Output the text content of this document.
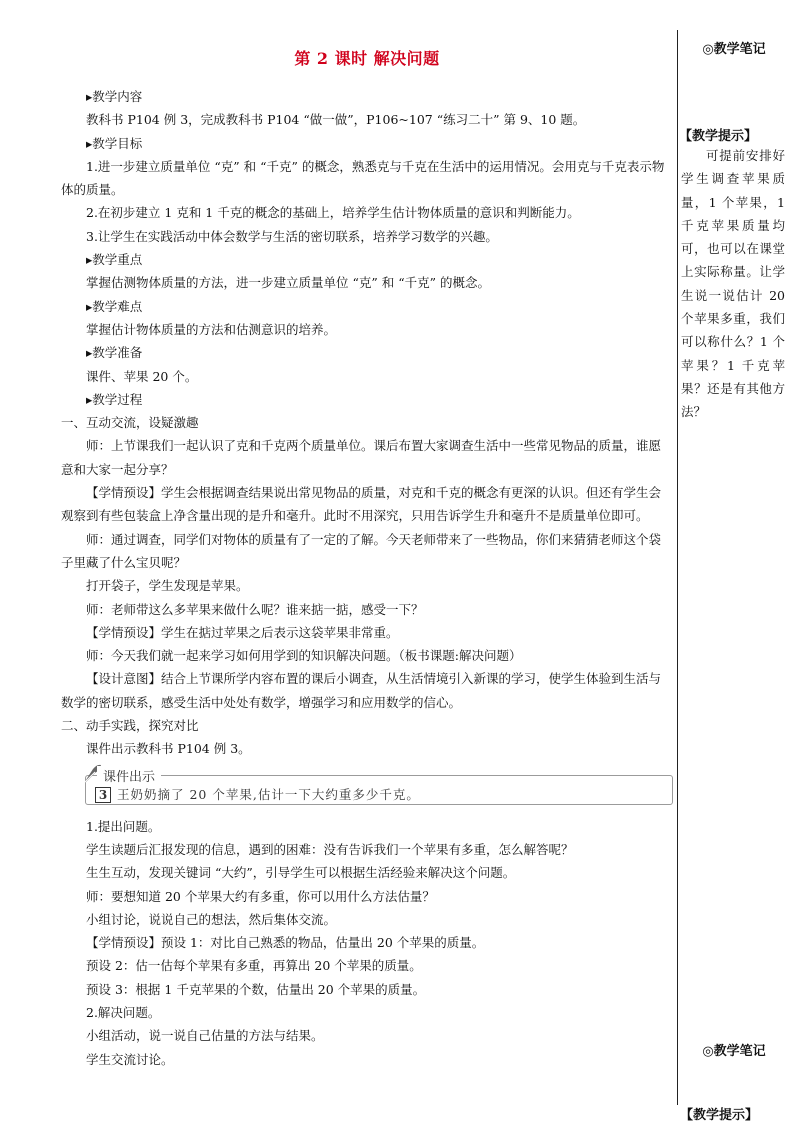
第 2 课时 解决问题
▸教学内容
教科书 P104 例 3，完成教科书 P104 “做一做”，P106~107 “练习二十” 第 9、10 题。
▸教学目标
1.进一步建立质量单位 “克” 和 “千克” 的概念，熟悉克与千克在生活中的运用情况。会用克与千克表示物体的质量。
2.在初步建立 1 克和 1 千克的概念的基础上，培养学生估计物体质量的意识和判断能力。
3.让学生在实践活动中体会数学与生活的密切联系，培养学习数学的兴趣。
▸教学重点
掌握估测物体质量的方法，进一步建立质量单位 “克” 和 “千克” 的概念。
▸教学难点
掌握估计物体质量的方法和估测意识的培养。
▸教学准备
课件、苹果 20 个。
▸教学过程
一、互动交流，设疑激趣
师：上节课我们一起认识了克和千克两个质量单位。课后布置大家调查生活中一些常见物品的质量，谁愿意和大家一起分享？
【学情预设】学生会根据调查结果说出常见物品的质量，对克和千克的概念有更深的认识。但还有学生会观察到有些包装盒上净含量出现的是升和毫升。此时不用深究，只用告诉学生升和毫升不是质量单位即可。
师：通过调查，同学们对物体的质量有了一定的了解。今天老师带来了一些物品，你们来猜猜老师这个袋子里藏了什么宝贝呢？
打开袋子，学生发现是苹果。
师：老师带这么多苹果来做什么呢？谁来掂一掂，感受一下？
【学情预设】学生在掂过苹果之后表示这袋苹果非常重。
师：今天我们就一起来学习如何用学到的知识解决问题。（板书课题:解决问题）
【设计意图】结合上节课所学内容布置的课后小调查，从生活情境引入新课的学习，使学生体验到生活与数学的密切联系，感受生活中处处有数学，增强学习和应用数学的信心。
二、动手实践，探究对比
课件出示教科书 P104 例 3。
课件出示
3 王奶奶摘了 20 个苹果,估计一下大约重多少千克。
1.提出问题。
学生读题后汇报发现的信息，遇到的困难：没有告诉我们一个苹果有多重，怎么解答呢？
生生互动，发现关键词 “大约”，引导学生可以根据生活经验来解决这个问题。
师：要想知道 20 个苹果大约有多重，你可以用什么方法估量？
小组讨论，说说自己的想法，然后集体交流。
【学情预设】预设 1：对比自己熟悉的物品，估量出 20 个苹果的质量。
预设 2：估一估每个苹果有多重，再算出 20 个苹果的质量。
预设 3：根据 1 千克苹果的个数，估量出 20 个苹果的质量。
2.解决问题。
小组活动，说一说自己估量的方法与结果。
学生交流讨论。
◎教学笔记
【教学提示】
可提前安排好学生调查苹果质量，1 个苹果，1 千克苹果质量均可，也可以在课堂上实际称量。让学生说一说估计 20 个苹果多重，我们可以称什么？1 个苹果？1 千克苹果？还是有其他方法？
◎教学笔记
【教学提示】
